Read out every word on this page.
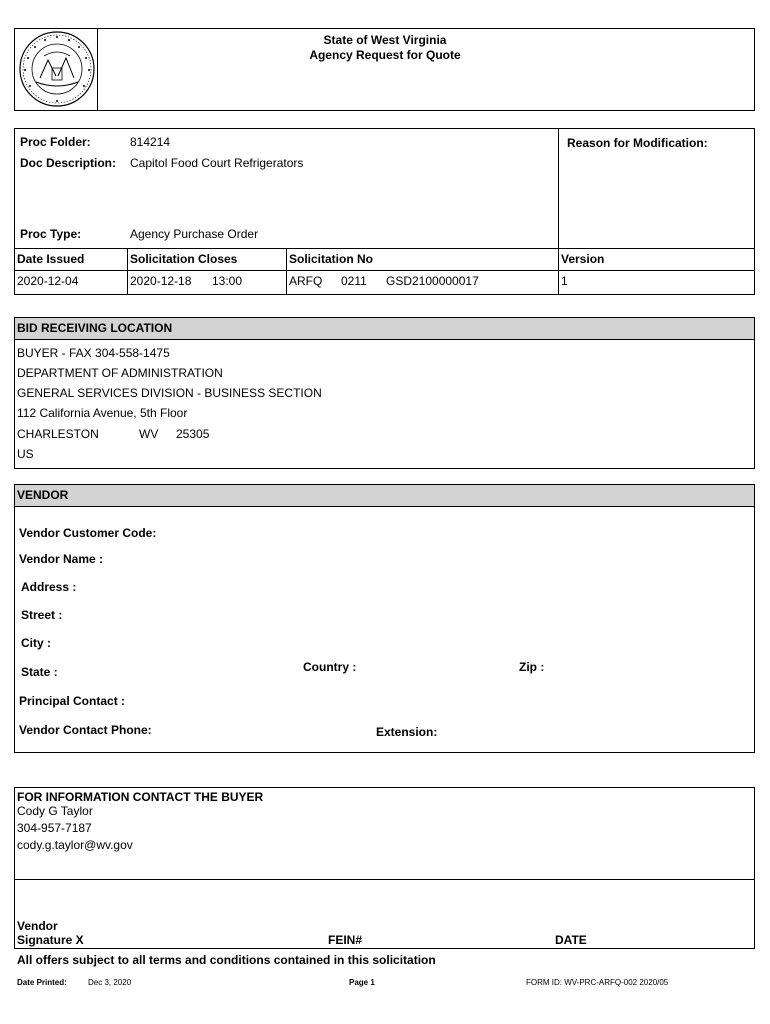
State of West Virginia
Agency Request for Quote
Proc Folder:	814214
Doc Description: Capitol Food Court Refrigerators
Proc Type:	Agency Purchase Order
Reason for Modification:
Date Issued	Solicitation Closes	Solicitation No	Version
2020-12-04	2020-12-18 13:00	ARFQ 0211 GSD2100000017	1
BID RECEIVING LOCATION
BUYER - FAX 304-558-1475
DEPARTMENT OF ADMINISTRATION
GENERAL SERVICES DIVISION - BUSINESS SECTION
112 California Avenue, 5th Floor
CHARLESTON	WV 25305
US
VENDOR
Vendor Customer Code:
Vendor Name :
Address :
Street :
City :
State :	Country :	Zip :
Principal Contact :
Vendor Contact Phone:	Extension:
FOR INFORMATION CONTACT THE BUYER
Cody G Taylor
304-957-7187
cody.g.taylor@wv.gov
Vendor
Signature X	FEIN#	DATE
All offers subject to all terms and conditions contained in this solicitation
Date Printed:	Dec 3, 2020	Page 1	FORM ID: WV-PRC-ARFQ-002 2020/05
